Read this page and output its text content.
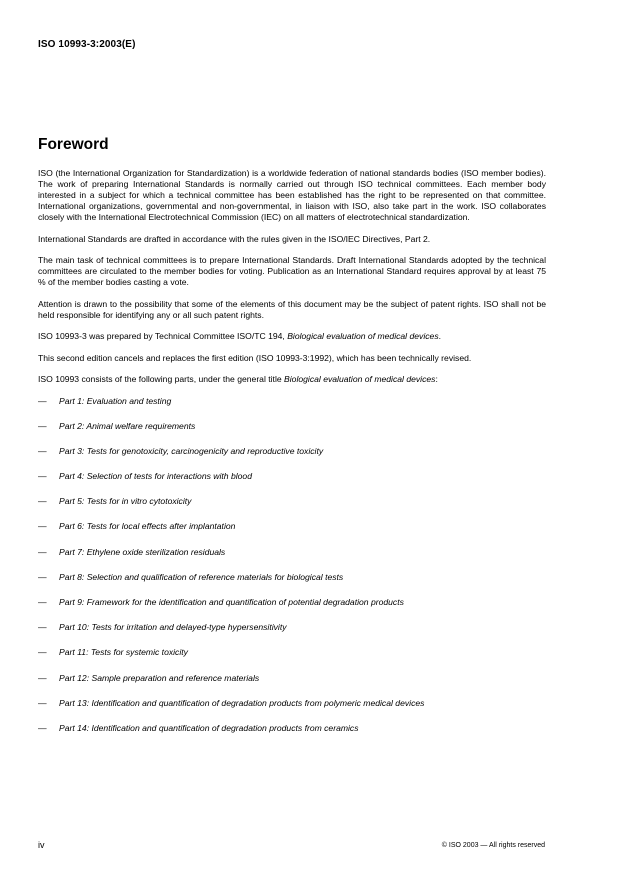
ISO 10993-3:2003(E)
Foreword

ISO (the International Organization for Standardization) is a worldwide federation of national standards bodies (ISO member bodies). The work of preparing International Standards is normally carried out through ISO technical committees. Each member body interested in a subject for which a technical committee has been established has the right to be represented on that committee. International organizations, governmental and non-governmental, in liaison with ISO, also take part in the work. ISO collaborates closely with the International Electrotechnical Commission (IEC) on all matters of electrotechnical standardization.

International Standards are drafted in accordance with the rules given in the ISO/IEC Directives, Part 2.

The main task of technical committees is to prepare International Standards. Draft International Standards adopted by the technical committees are circulated to the member bodies for voting. Publication as an International Standard requires approval by at least 75 % of the member bodies casting a vote.

Attention is drawn to the possibility that some of the elements of this document may be the subject of patent rights. ISO shall not be held responsible for identifying any or all such patent rights.

ISO 10993-3 was prepared by Technical Committee ISO/TC 194, Biological evaluation of medical devices.

This second edition cancels and replaces the first edition (ISO 10993-3:1992), which has been technically revised.

ISO 10993 consists of the following parts, under the general title Biological evaluation of medical devices:

—	Part 1: Evaluation and testing
—	Part 2: Animal welfare requirements
—	Part 3: Tests for genotoxicity, carcinogenicity and reproductive toxicity
—	Part 4: Selection of tests for interactions with blood
—	Part 5: Tests for in vitro cytotoxicity
—	Part 6: Tests for local effects after implantation
—	Part 7: Ethylene oxide sterilization residuals
—	Part 8: Selection and qualification of reference materials for biological tests
—	Part 9: Framework for the identification and quantification of potential degradation products
—	Part 10: Tests for irritation and delayed-type hypersensitivity
—	Part 11: Tests for systemic toxicity
—	Part 12: Sample preparation and reference materials
—	Part 13: Identification and quantification of degradation products from polymeric medical devices
—	Part 14: Identification and quantification of degradation products from ceramics
iv	© ISO 2003 — All rights reserved
